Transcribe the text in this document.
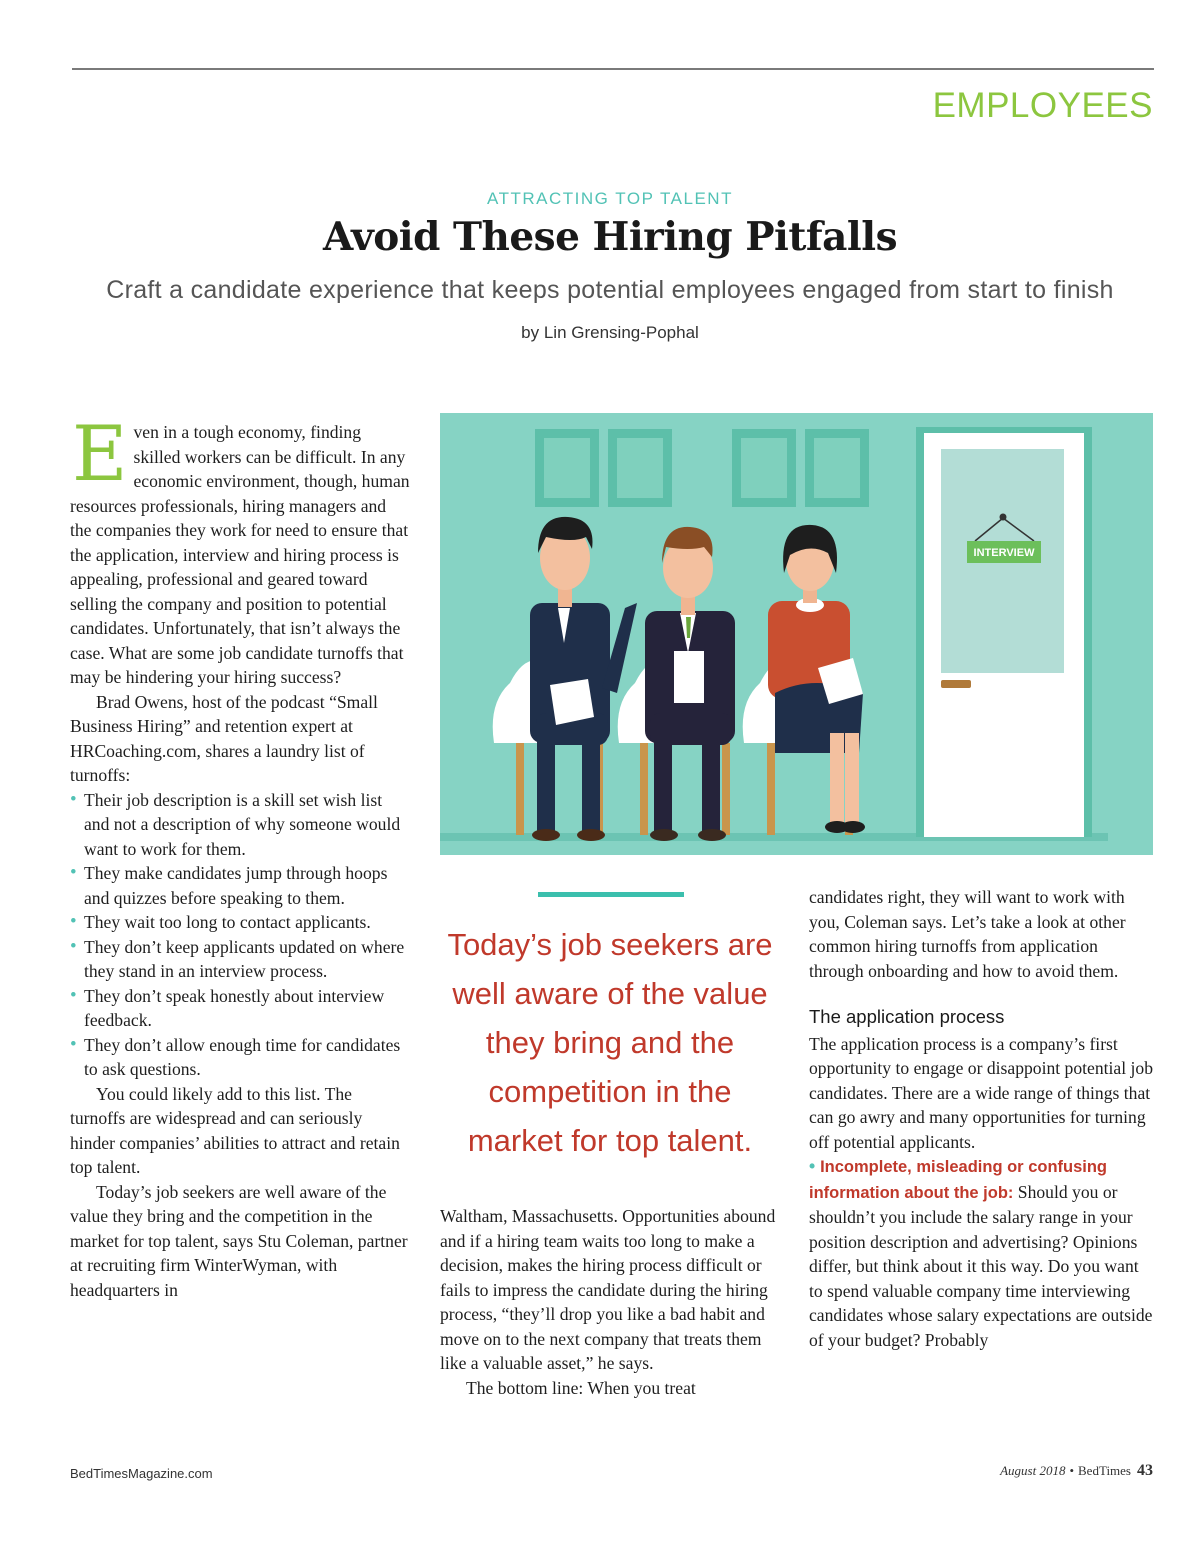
EMPLOYEES
ATTRACTING TOP TALENT
Avoid These Hiring Pitfalls
Craft a candidate experience that keeps potential employees engaged from start to finish
by Lin Grensing-Pophal
INTERVIEW

Even in a tough economy, finding skilled workers can be difficult. In any economic environment, though, human resources professionals, hiring managers and the companies they work for need to ensure that the application, interview and hiring process is appealing, professional and geared toward selling the company and position to potential candidates. Unfortunately, that isn’t always the case. What are some job candidate turnoffs that may be hindering your hiring success?

Brad Owens, host of the podcast “Small Business Hiring” and retention expert at HRCoaching.com, shares a laundry list of turnoffs:

• Their job description is a skill set wish list and not a description of why someone would want to work for them.
• They make candidates jump through hoops and quizzes before speaking to them.
• They wait too long to contact applicants.
• They don’t keep applicants updated on where they stand in an interview process.
• They don’t speak honestly about interview feedback.
• They don’t allow enough time for candidates to ask questions.

You could likely add to this list. The turnoffs are widespread and can seriously hinder companies’ abilities to attract and retain top talent.

Today’s job seekers are well aware of the value they bring and the competition in the market for top talent, says Stu Coleman, partner at recruiting firm WinterWyman, with headquarters in

Today’s job seekers are well aware of the value they bring and the competition in the market for top talent.

Waltham, Massachusetts. Opportunities abound and if a hiring team waits too long to make a decision, makes the hiring process difficult or fails to impress the candidate during the hiring process, “they’ll drop you like a bad habit and move on to the next company that treats them like a valuable asset,” he says.

The bottom line: When you treat

candidates right, they will want to work with you, Coleman says. Let’s take a look at other common hiring turnoffs from application through onboarding and how to avoid them.

The application process

The application process is a company’s first opportunity to engage or disappoint potential job candidates. There are a wide range of things that can go awry and many opportunities for turning off potential applicants.

• Incomplete, misleading or confusing information about the job: Should you or shouldn’t you include the salary range in your position description and advertising? Opinions differ, but think about it this way. Do you want to spend valuable company time interviewing candidates whose salary expectations are outside of your budget? Probably

BedTimesMagazine.com	August 2018 • BedTimes 43
